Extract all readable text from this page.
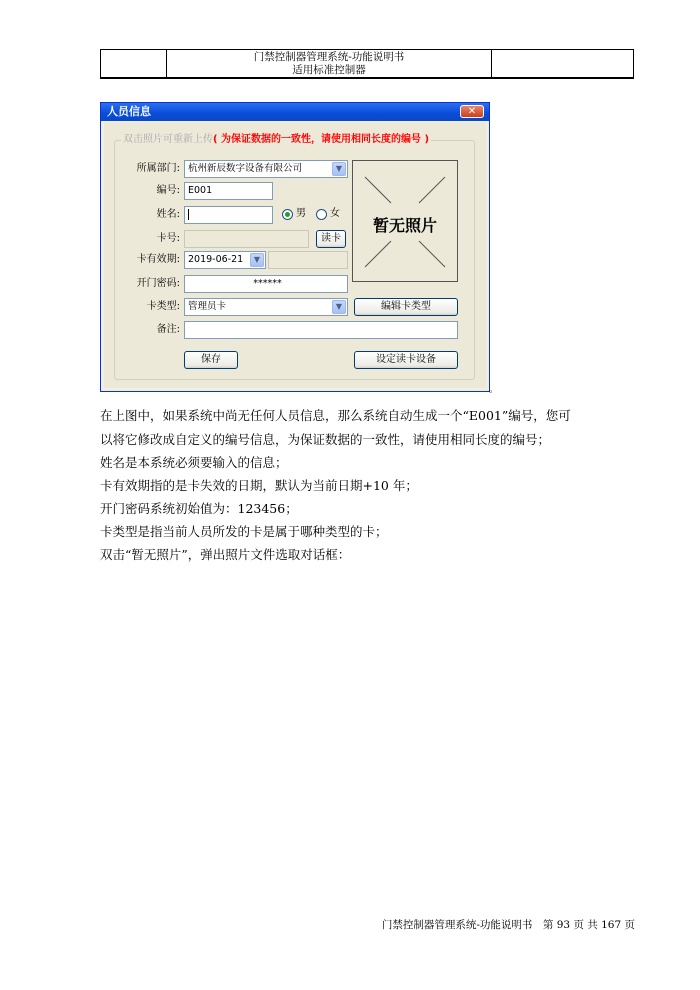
门禁控制器管理系统-功能说明书
适用标准控制器
人员信息	✕
双击照片可重新上传( 为保证数据的一致性，请使用相同长度的编号 )
所属部门: 杭州新辰数字设备有限公司	▼
编号: E001
姓名:	男 女
卡号:	读卡
卡有效期: 2019-06-21	▼
开门密码:	******
卡类型: 管理员卡	▼	编辑卡类型
备注:
保存	设定读卡设备
暂无照片
。
在上图中，如果系统中尚无任何人员信息，那么系统自动生成一个“E001”编号，您可
以将它修改成自定义的编号信息，为保证数据的一致性，请使用相同长度的编号；
姓名是本系统必须要输入的信息；
卡有效期指的是卡失效的日期，默认为当前日期+10 年；
开门密码系统初始值为：123456；
卡类型是指当前人员所发的卡是属于哪种类型的卡；
双击“暂无照片”，弹出照片文件选取对话框：
门禁控制器管理系统-功能说明书　第 93 页 共 167 页
